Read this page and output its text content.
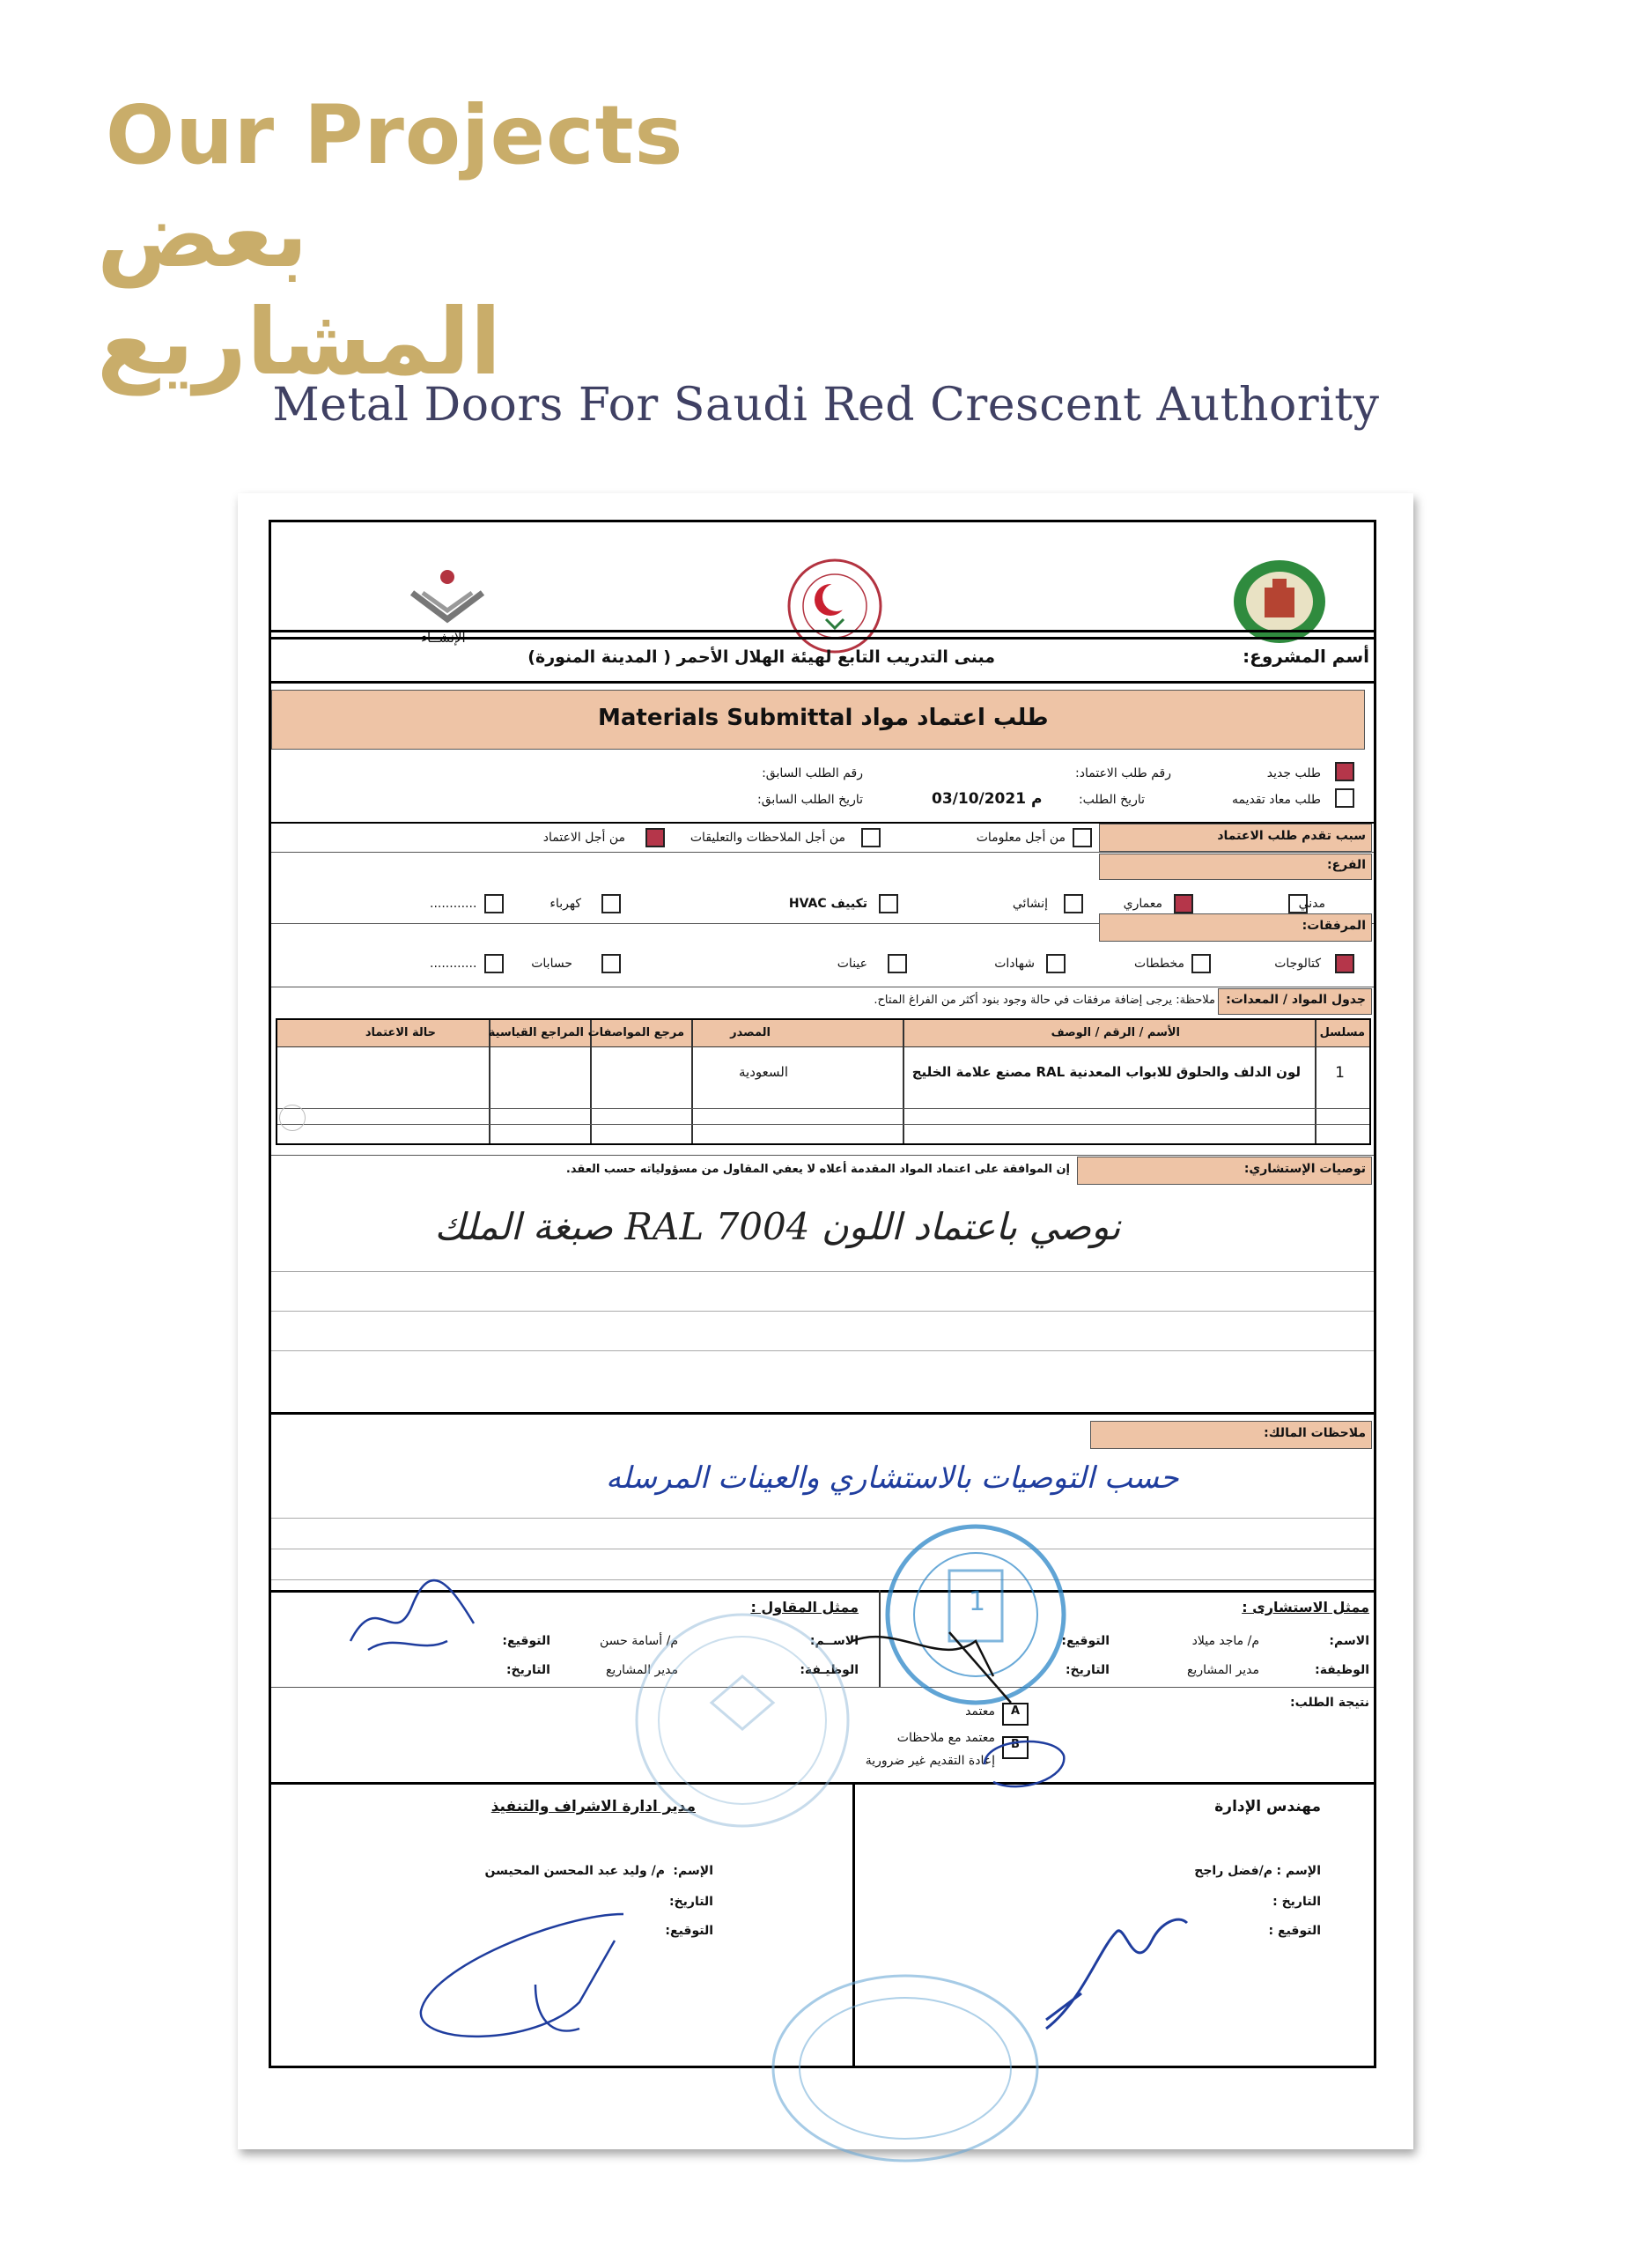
Our Projects
بعض المشاريع
Metal Doors For Saudi Red Crescent Authority
الإنشــاء
أسم المشروع:
مبنى التدريب التابع لهيئة الهلال الأحمر ( المدينة المنورة)
طلب اعتماد مواد Materials Submittal
طلب جديد
طلب معاد تقديمه
رقم طلب الاعتماد:
تاريخ الطلب:
03/10/2021 م
رقم الطلب السابق:
تاريخ الطلب السابق:
سبب تقدم طلب الاعتماد
من أجل معلومات
من أجل الملاحظات والتعليقات
من أجل الاعتماد
الفرع:
مدني
معماري
إنشائي
تكييف HVAC
كهرباء
............
المرفقات:
كتالوجات
مخططات
شهادات
عينات
حسابات
............
جدول المواد / المعدات:
ملاحظة: يرجى إضافة مرفقات في حالة وجود بنود أكثر من الفراغ المتاح.
مسلسل
الأسم / الرقم / الوصف
المصدر
مرجع المواصفات
المراجع القياسية
حالة الاعتماد
1
لون الدلف والحلوق للابواب المعدنية RAL مصنع علامة الخليج
السعودية
توصيات الإستشاري:
إن الموافقة على اعتماد المواد المقدمة أعلاه لا يعفي المقاول من مسؤولياته حسب العقد.
نوصي باعتماد اللون RAL 7004 صبغة الملك
ملاحظات المالك:
حسب التوصيات بالاستشاري والعينات المرسله
ممثل الاستشارى :
الاسم:
م/ ماجد ميلاد
الوظيفة:
مدير المشاريع
التوقيع:
التاريخ:
ممثل المقاول :
الاســم:
الوظيـفة:
م/ أسامة حسن
مدير المشاريع
التوقيع:
التاريخ:
نتيجة الطلب:
A
معتمد
B
معتمد مع ملاحظات
إعادة التقديم غير ضرورية
مهندس الإدارة
الإسم :
م/فضل راجح
التاريخ :
التوقيع :
مدير ادارة الاشراف والتنفيذ
الإسم:
م/ وليد عبد المحسن المحيسن
التاريخ:
التوقيع:
1
